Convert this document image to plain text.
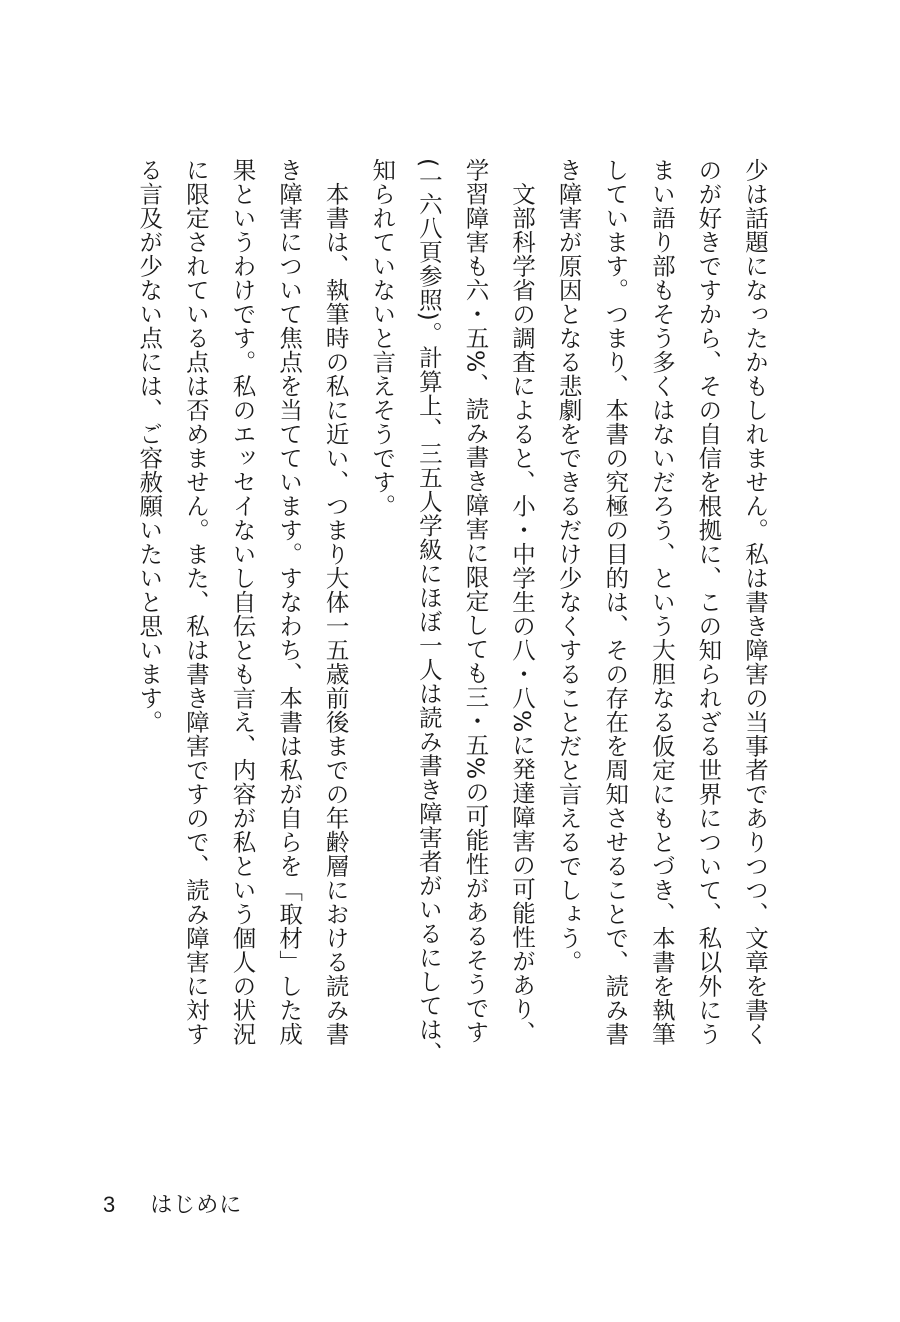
少は話題になったかもしれません。私は書き障害の当事者でありつつ、文章を書く
のが好きですから、その自信を根拠に、この知られざる世界について、私以外にう
まい語り部もそう多くはないだろう、という大胆なる仮定にもとづき、本書を執筆
しています。つまり、本書の究極の目的は、その存在を周知させることで、読み書
き障害が原因となる悲劇をできるだけ少なくすることだと言えるでしょう。
　文部科学省の調査によると、小・中学生の八・八%に発達障害の可能性があり、
学習障害も六・五%、読み書き障害に限定しても三・五%の可能性があるそうです
(一六八頁参照)。計算上、三五人学級にほぼ一人は読み書き障害者がいるにしては、
知られていないと言えそうです。
　本書は、執筆時の私に近い、つまり大体一五歳前後までの年齢層における読み書
き障害について焦点を当てています。すなわち、本書は私が自らを「取材」した成
果というわけです。私のエッセイないし自伝とも言え、内容が私という個人の状況
に限定されている点は否めません。また、私は書き障害ですので、読み障害に対す
る言及が少ない点には、ご容赦願いたいと思います。
3 はじめに
